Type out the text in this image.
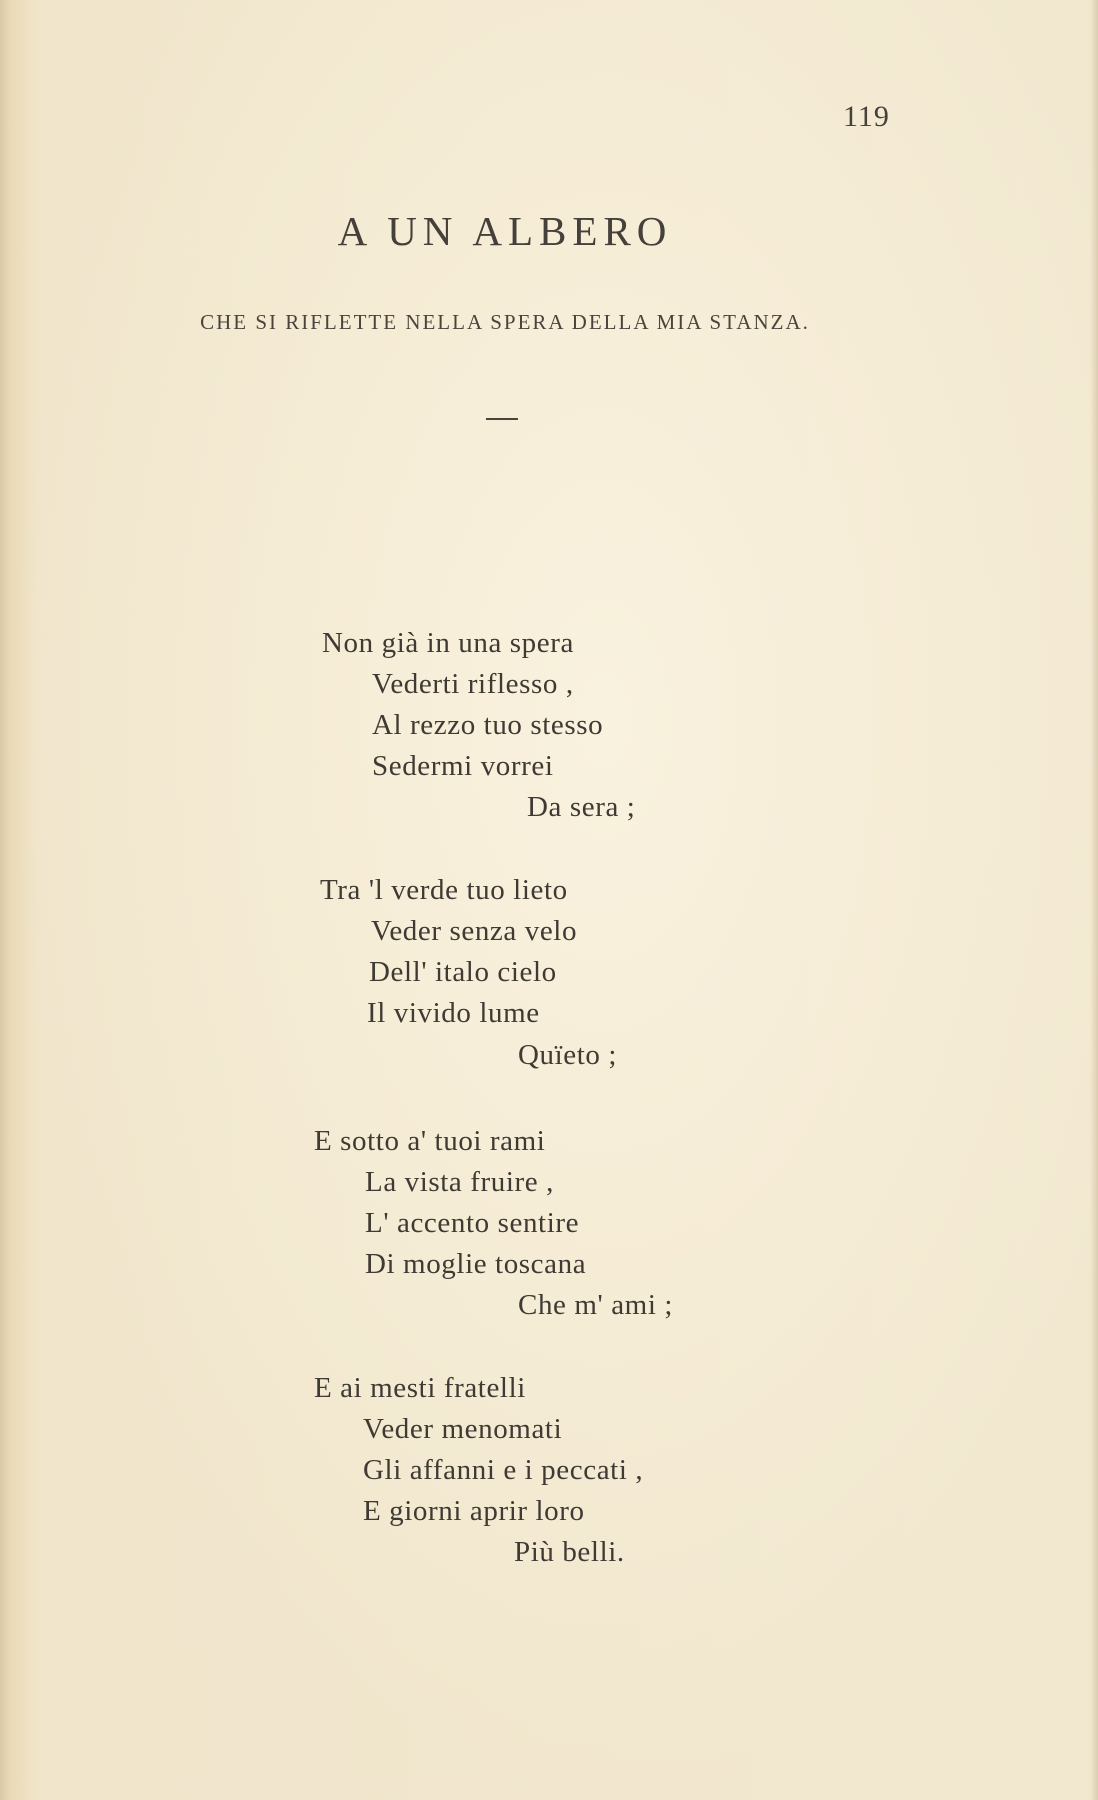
119
A UN ALBERO
CHE SI RIFLETTE NELLA SPERA DELLA MIA STANZA.
Non già in una spera
Vederti riflesso ,
Al rezzo tuo stesso
Sedermi vorrei
Da sera ;
Tra 'l verde tuo lieto
Veder senza velo
Dell' italo cielo
Il vivido lume
Quïeto ;
E sotto a' tuoi rami
La vista fruire ,
L' accento sentire
Di moglie toscana
Che m' ami ;
E ai mesti fratelli
Veder menomati
Gli affanni e i peccati ,
E giorni aprir loro
Più belli.
